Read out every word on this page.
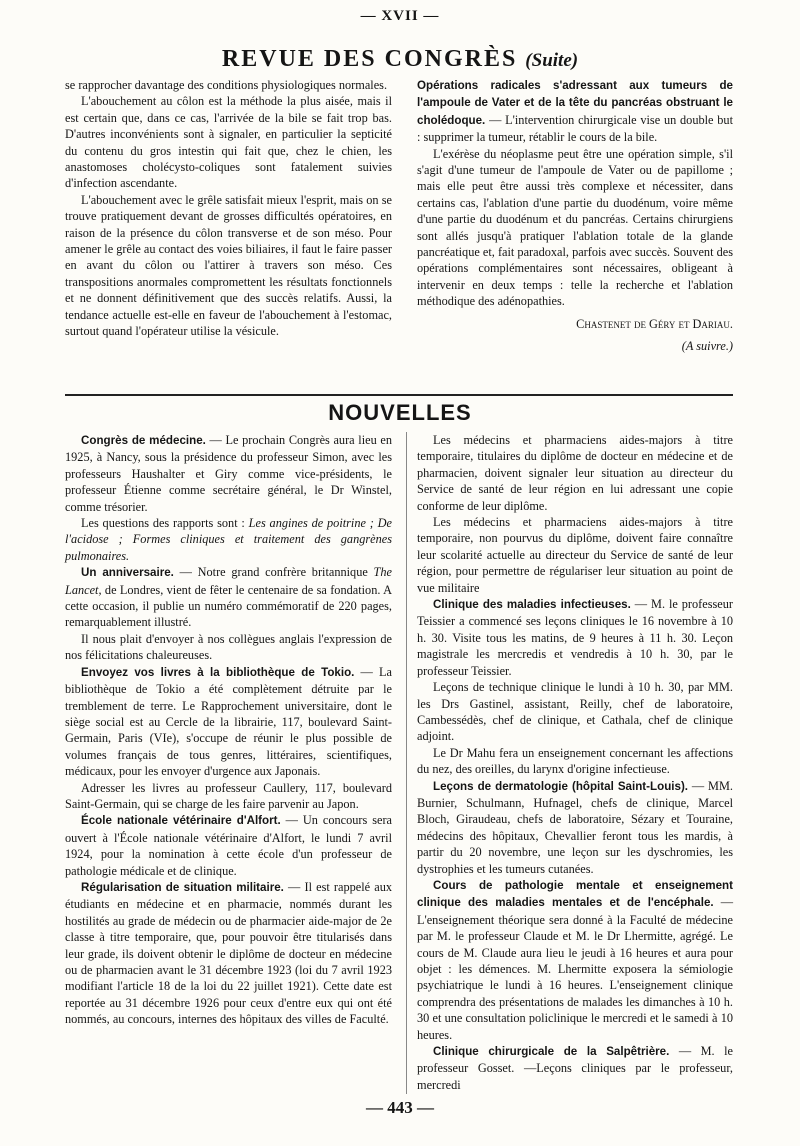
— XVII —
REVUE DES CONGRÈS (Suite)

se rapprocher davantage des conditions physiologiques normales.

L'abouchement au côlon est la méthode la plus aisée, mais il est certain que, dans ce cas, l'arrivée de la bile se fait trop bas. D'autres inconvénients sont à signaler, en particulier la septicité du contenu du gros intestin qui fait que, chez le chien, les anastomoses cholécysto-coliques sont fatalement suivies d'infection ascendante.

L'abouchement avec le grêle satisfait mieux l'esprit, mais on se trouve pratiquement devant de grosses difficultés opératoires, en raison de la présence du côlon transverse et de son méso. Pour amener le grêle au contact des voies biliaires, il faut le faire passer en avant du côlon ou l'attirer à travers son méso. Ces transpositions anormales compromettent les résultats fonctionnels et ne donnent définitivement que des succès relatifs. Aussi, la tendance actuelle est-elle en faveur de l'abouchement à l'estomac, surtout quand l'opérateur utilise la vésicule.

Opérations radicales s'adressant aux tumeurs de l'ampoule de Vater et de la tête du pancréas obstruant le cholédoque. — L'intervention chirurgicale vise un double but : supprimer la tumeur, rétablir le cours de la bile.

L'exérèse du néoplasme peut être une opération simple, s'il s'agit d'une tumeur de l'ampoule de Vater ou de papillome ; mais elle peut être aussi très complexe et nécessiter, dans certains cas, l'ablation d'une partie du duodénum, voire même d'une partie du duodénum et du pancréas. Certains chirurgiens sont allés jusqu'à pratiquer l'ablation totale de la glande pancréatique et, fait paradoxal, parfois avec succès. Souvent des opérations complémentaires sont nécessaires, obligeant à intervenir en deux temps : telle la recherche et l'ablation méthodique des adénopathies.

Chastenet de Géry et Dariau.

(A suivre.)

NOUVELLES

Congrès de médecine. — Le prochain Congrès aura lieu en 1925, à Nancy, sous la présidence du professeur Simon, avec les professeurs Haushalter et Giry comme vice-présidents, le professeur Étienne comme secrétaire général, le Dr Winstel, comme trésorier.

Les questions des rapports sont : Les angines de poitrine ; De l'acidose ; Formes cliniques et traitement des gangrènes pulmonaires.

Un anniversaire. — Notre grand confrère britannique The Lancet, de Londres, vient de fêter le centenaire de sa fondation. A cette occasion, il publie un numéro commémoratif de 220 pages, remarquablement illustré.

Il nous plait d'envoyer à nos collègues anglais l'expression de nos félicitations chaleureuses.

Envoyez vos livres à la bibliothèque de Tokio. — La bibliothèque de Tokio a été complètement détruite par le tremblement de terre. Le Rapprochement universitaire, dont le siège social est au Cercle de la librairie, 117, boulevard Saint-Germain, Paris (VIe), s'occupe de réunir le plus possible de volumes français de tous genres, littéraires, scientifiques, médicaux, pour les envoyer d'urgence aux Japonais.

Adresser les livres au professeur Caullery, 117, boulevard Saint-Germain, qui se charge de les faire parvenir au Japon.

École nationale vétérinaire d'Alfort. — Un concours sera ouvert à l'École nationale vétérinaire d'Alfort, le lundi 7 avril 1924, pour la nomination à cette école d'un professeur de pathologie médicale et de clinique.

Régularisation de situation militaire. — Il est rappelé aux étudiants en médecine et en pharmacie, nommés durant les hostilités au grade de médecin ou de pharmacier aide-major de 2e classe à titre temporaire, que, pour pouvoir être titularisés dans leur grade, ils doivent obtenir le diplôme de docteur en médecine ou de pharmacien avant le 31 décembre 1923 (loi du 7 avril 1923 modifiant l'article 18 de la loi du 22 juillet 1921). Cette date est reportée au 31 décembre 1926 pour ceux d'entre eux qui ont été nommés, au concours, internes des hôpitaux des villes de Faculté.

Les médecins et pharmaciens aides-majors à titre temporaire, titulaires du diplôme de docteur en médecine et de pharmacien, doivent signaler leur situation au directeur du Service de santé de leur région en lui adressant une copie conforme de leur diplôme.

Les médecins et pharmaciens aides-majors à titre temporaire, non pourvus du diplôme, doivent faire connaître leur scolarité actuelle au directeur du Service de santé de leur région, pour permettre de régulariser leur situation au point de vue militaire

Clinique des maladies infectieuses. — M. le professeur Teissier a commencé ses leçons cliniques le 16 novembre à 10 h. 30. Visite tous les matins, de 9 heures à 11 h. 30. Leçon magistrale les mercredis et vendredis à 10 h. 30, par le professeur Teissier.

Leçons de technique clinique le lundi à 10 h. 30, par MM. les Drs Gastinel, assistant, Reilly, chef de laboratoire, Cambessédès, chef de clinique, et Cathala, chef de clinique adjoint.

Le Dr Mahu fera un enseignement concernant les affections du nez, des oreilles, du larynx d'origine infectieuse.

Leçons de dermatologie (hôpital Saint-Louis). — MM. Burnier, Schulmann, Hufnagel, chefs de clinique, Marcel Bloch, Giraudeau, chefs de laboratoire, Sézary et Touraine, médecins des hôpitaux, Chevallier feront tous les mardis, à partir du 20 novembre, une leçon sur les dyschromies, les dystrophies et les tumeurs cutanées.

Cours de pathologie mentale et enseignement clinique des maladies mentales et de l'encéphale. — L'enseignement théorique sera donné à la Faculté de médecine par M. le professeur Claude et M. le Dr Lhermitte, agrégé. Le cours de M. Claude aura lieu le jeudi à 16 heures et aura pour objet : les démences. M. Lhermitte exposera la sémiologie psychiatrique le lundi à 16 heures. L'enseignement clinique comprendra des présentations de malades les dimanches à 10 h. 30 et une consultation policlinique le mercredi et le samedi à 10 heures.

Clinique chirurgicale de la Salpêtrière. — M. le professeur Gosset. —Leçons cliniques par le professeur, mercredi

— 443 —
